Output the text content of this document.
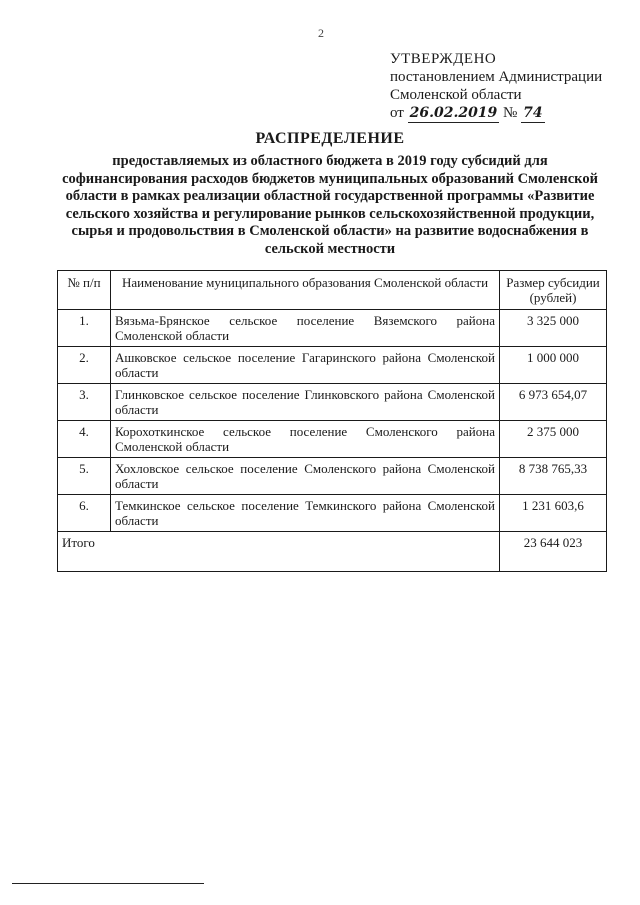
2
УТВЕРЖДЕНО
постановлением Администрации
Смоленской области
от 26.02.2019 № 74
РАСПРЕДЕЛЕНИЕ
предоставляемых из областного бюджета в 2019 году субсидий для софинансирования расходов бюджетов муниципальных образований Смоленской области в рамках реализации областной государственной программы «Развитие сельского хозяйства и регулирование рынков сельскохозяйственной продукции, сырья и продовольствия в Смоленской области» на развитие водоснабжения в сельской местности
№ п/п	Наименование муниципального образования Смоленской области	Размер субсидии (рублей)
1.	Вязьма-Брянское сельское поселение Вяземского района Смоленской области	3 325 000
2.	Ашковское сельское поселение Гагаринского района Смоленской области	1 000 000
3.	Глинковское сельское поселение Глинковского района Смоленской области	6 973 654,07
4.	Корохоткинское сельское поселение Смоленского района Смоленской области	2 375 000
5.	Хохловское сельское поселение Смоленского района Смоленской области	8 738 765,33
6.	Темкинское сельское поселение Темкинского района Смоленской области	1 231 603,6
Итого		23 644 023
